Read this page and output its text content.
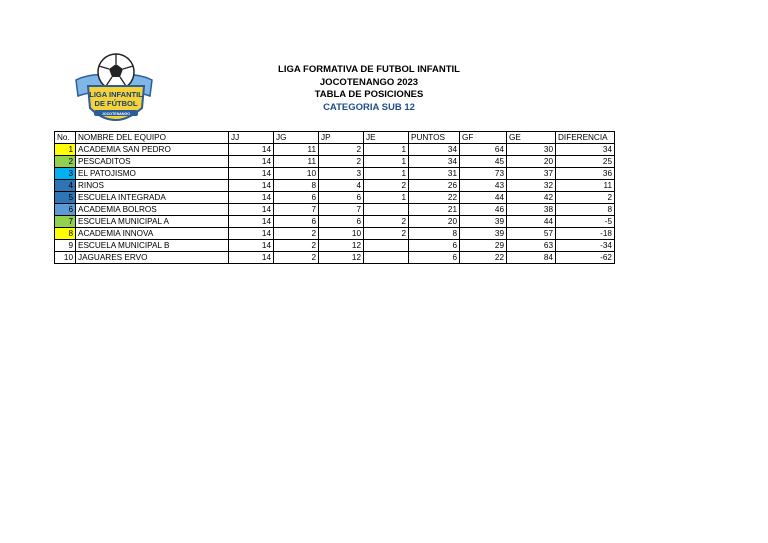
LIGA INFANTIL
DE FÚTBOL
JOCOTENANGO
LIGA FORMATIVA DE FUTBOL INFANTIL
JOCOTENANGO 2023
TABLA DE POSICIONES
CATEGORIA SUB 12
No.	NOMBRE DEL EQUIPO	JJ	JG	JP	JE	PUNTOS	GF	GE	DIFERENCIA
1	ACADEMIA SAN PEDRO	14	11	2	1	34	64	30	34
2	PESCADITOS	14	11	2	1	34	45	20	25
3	EL PATOJISMO	14	10	3	1	31	73	37	36
4	RINOS	14	8	4	2	26	43	32	11
5	ESCUELA INTEGRADA	14	6	6	1	22	44	42	2
6	ACADEMIA BOLROS	14	7	7		21	46	38	8
7	ESCUELA MUNICIPAL A	14	6	6	2	20	39	44	-5
8	ACADEMIA INNOVA	14	2	10	2	8	39	57	-18
9	ESCUELA MUNICIPAL B	14	2	12		6	29	63	-34
10	JAGUARES ERVO	14	2	12		6	22	84	-62
